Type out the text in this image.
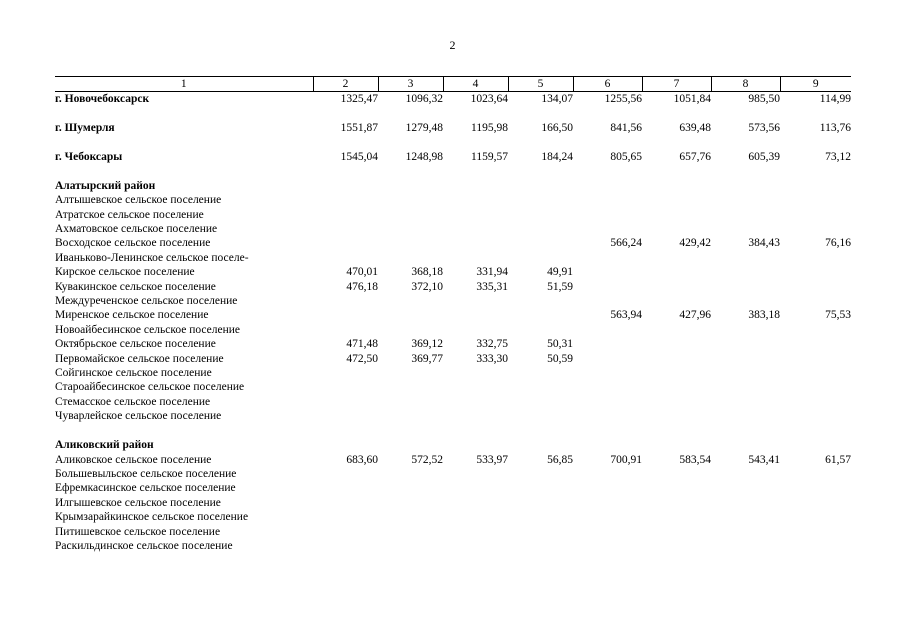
2
1	2	3	4	5	6	7	8	9
г. Новочебоксарск	1325,47	1096,32	1023,64	134,07	1255,56	1051,84	985,50	114,99

г. Шумерля	1551,87	1279,48	1195,98	166,50	841,56	639,48	573,56	113,76

г. Чебоксары	1545,04	1248,98	1159,57	184,24	805,65	657,76	605,39	73,12

Алатырский район								
Алтышевское сельское поселение								
Атратское сельское поселение								
Ахматовское сельское поселение								
Восходское сельское поселение					566,24	429,42	384,43	76,16
Иваньково-Ленинское сельское поселе-								
Кирское сельское поселение	470,01	368,18	331,94	49,91				
Кувакинское сельское поселение	476,18	372,10	335,31	51,59				
Междуреченское сельское поселение								
Миренское сельское поселение					563,94	427,96	383,18	75,53
Новоайбесинское сельское поселение								
Октябрьское сельское поселение	471,48	369,12	332,75	50,31				
Первомайское сельское поселение	472,50	369,77	333,30	50,59				
Сойгинское сельское поселение								
Староайбесинское сельское поселение								
Стемасское сельское поселение								
Чуварлейское сельское поселение								

Аликовский район								
Аликовское сельское поселение	683,60	572,52	533,97	56,85	700,91	583,54	543,41	61,57
Большевыльское сельское поселение								
Ефремкасинское сельское поселение								
Илгышевское сельское поселение								
Крымзарайкинское сельское поселение								
Питишевское сельское поселение								
Раскильдинское сельское поселение								
